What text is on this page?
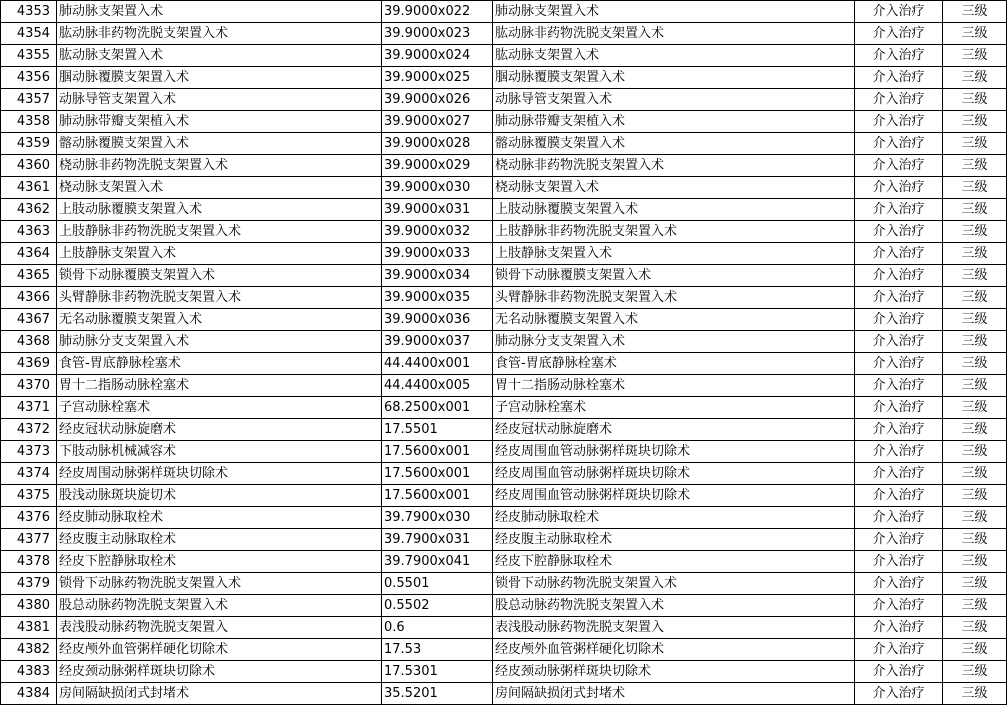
4353	肺动脉支架置入术	39.9000x022	肺动脉支架置入术	介入治疗	三级
4354	肱动脉非药物洗脱支架置入术	39.9000x023	肱动脉非药物洗脱支架置入术	介入治疗	三级
4355	肱动脉支架置入术	39.9000x024	肱动脉支架置入术	介入治疗	三级
4356	腘动脉覆膜支架置入术	39.9000x025	腘动脉覆膜支架置入术	介入治疗	三级
4357	动脉导管支架置入术	39.9000x026	动脉导管支架置入术	介入治疗	三级
4358	肺动脉带瓣支架植入术	39.9000x027	肺动脉带瓣支架植入术	介入治疗	三级
4359	髂动脉覆膜支架置入术	39.9000x028	髂动脉覆膜支架置入术	介入治疗	三级
4360	桡动脉非药物洗脱支架置入术	39.9000x029	桡动脉非药物洗脱支架置入术	介入治疗	三级
4361	桡动脉支架置入术	39.9000x030	桡动脉支架置入术	介入治疗	三级
4362	上肢动脉覆膜支架置入术	39.9000x031	上肢动脉覆膜支架置入术	介入治疗	三级
4363	上肢静脉非药物洗脱支架置入术	39.9000x032	上肢静脉非药物洗脱支架置入术	介入治疗	三级
4364	上肢静脉支架置入术	39.9000x033	上肢静脉支架置入术	介入治疗	三级
4365	锁骨下动脉覆膜支架置入术	39.9000x034	锁骨下动脉覆膜支架置入术	介入治疗	三级
4366	头臂静脉非药物洗脱支架置入术	39.9000x035	头臂静脉非药物洗脱支架置入术	介入治疗	三级
4367	无名动脉覆膜支架置入术	39.9000x036	无名动脉覆膜支架置入术	介入治疗	三级
4368	肺动脉分支支架置入术	39.9000x037	肺动脉分支支架置入术	介入治疗	三级
4369	食管-胃底静脉栓塞术	44.4400x001	食管-胃底静脉栓塞术	介入治疗	三级
4370	胃十二指肠动脉栓塞术	44.4400x005	胃十二指肠动脉栓塞术	介入治疗	三级
4371	子宫动脉栓塞术	68.2500x001	子宫动脉栓塞术	介入治疗	三级
4372	经皮冠状动脉旋磨术	17.5501	经皮冠状动脉旋磨术	介入治疗	三级
4373	下肢动脉机械减容术	17.5600x001	经皮周围血管动脉粥样斑块切除术	介入治疗	三级
4374	经皮周围动脉粥样斑块切除术	17.5600x001	经皮周围血管动脉粥样斑块切除术	介入治疗	三级
4375	股浅动脉斑块旋切术	17.5600x001	经皮周围血管动脉粥样斑块切除术	介入治疗	三级
4376	经皮肺动脉取栓术	39.7900x030	经皮肺动脉取栓术	介入治疗	三级
4377	经皮腹主动脉取栓术	39.7900x031	经皮腹主动脉取栓术	介入治疗	三级
4378	经皮下腔静脉取栓术	39.7900x041	经皮下腔静脉取栓术	介入治疗	三级
4379	锁骨下动脉药物洗脱支架置入术	0.5501	锁骨下动脉药物洗脱支架置入术	介入治疗	三级
4380	股总动脉药物洗脱支架置入术	0.5502	股总动脉药物洗脱支架置入术	介入治疗	三级
4381	表浅股动脉药物洗脱支架置入	0.6	表浅股动脉药物洗脱支架置入	介入治疗	三级
4382	经皮颅外血管粥样硬化切除术	17.53	经皮颅外血管粥样硬化切除术	介入治疗	三级
4383	经皮颈动脉粥样斑块切除术	17.5301	经皮颈动脉粥样斑块切除术	介入治疗	三级
4384	房间隔缺损闭式封堵术	35.5201	房间隔缺损闭式封堵术	介入治疗	三级
